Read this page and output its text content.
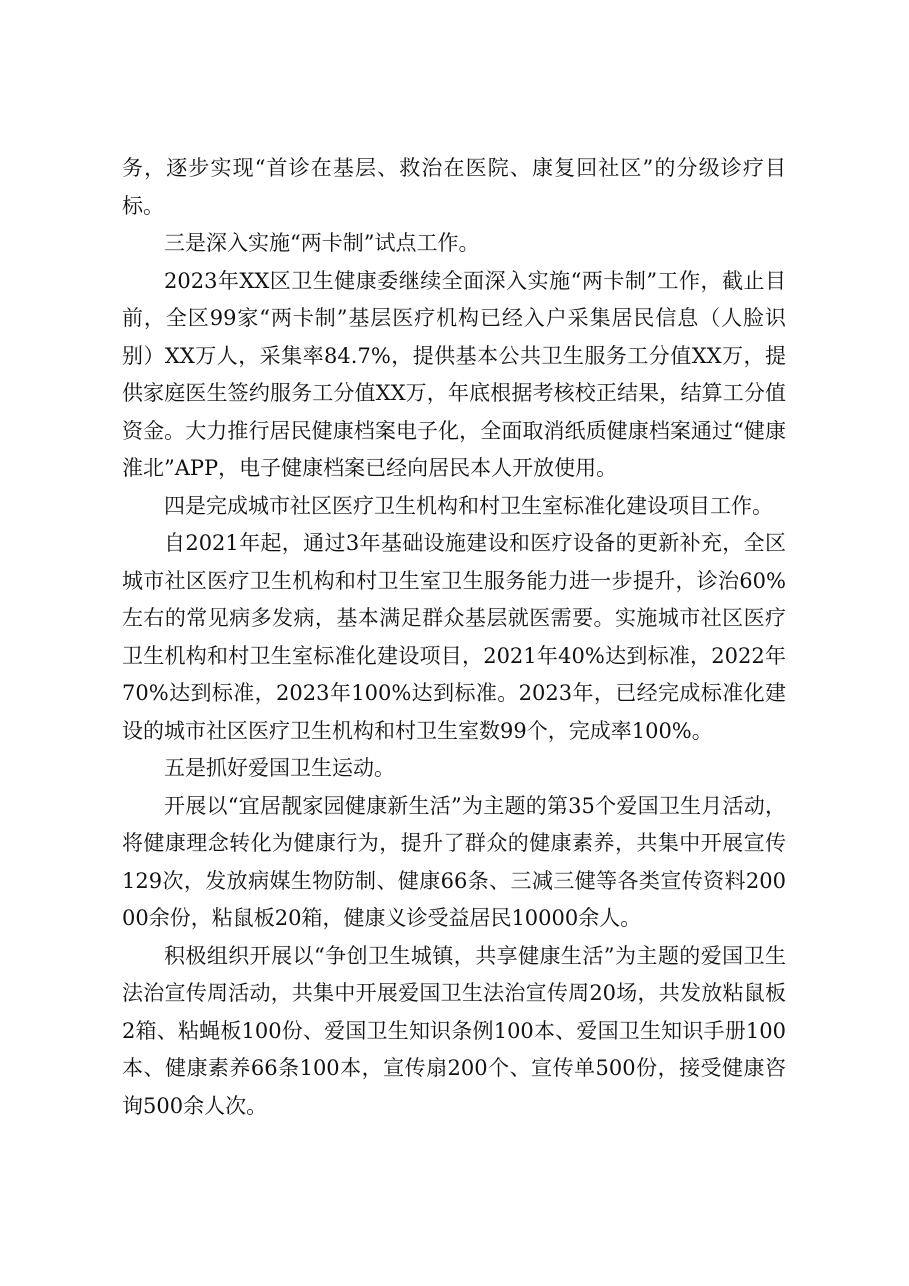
务，逐步实现“首诊在基层、救治在医院、康复回社区”的分级诊疗目标。

三是深入实施“两卡制”试点工作。

2023年XX区卫生健康委继续全面深入实施“两卡制”工作，截止目前，全区99家“两卡制”基层医疗机构已经入户采集居民信息（人脸识别）XX万人，采集率84.7%，提供基本公共卫生服务工分值XX万，提供家庭医生签约服务工分值XX万，年底根据考核校正结果，结算工分值资金。大力推行居民健康档案电子化，全面取消纸质健康档案通过“健康淮北”APP，电子健康档案已经向居民本人开放使用。

四是完成城市社区医疗卫生机构和村卫生室标准化建设项目工作。

自2021年起，通过3年基础设施建设和医疗设备的更新补充，全区城市社区医疗卫生机构和村卫生室卫生服务能力进一步提升，诊治60%左右的常见病多发病，基本满足群众基层就医需要。实施城市社区医疗卫生机构和村卫生室标准化建设项目，2021年40%达到标准，2022年70%达到标准，2023年100%达到标准。2023年，已经完成标准化建设的城市社区医疗卫生机构和村卫生室数99个，完成率100%。

五是抓好爱国卫生运动。

开展以“宜居靓家园健康新生活”为主题的第35个爱国卫生月活动，将健康理念转化为健康行为，提升了群众的健康素养，共集中开展宣传129次，发放病媒生物防制、健康66条、三减三健等各类宣传资料20000余份，粘鼠板20箱，健康义诊受益居民10000余人。

积极组织开展以“争创卫生城镇，共享健康生活”为主题的爱国卫生法治宣传周活动，共集中开展爱国卫生法治宣传周20场，共发放粘鼠板2箱、粘蝇板100份、爱国卫生知识条例100本、爱国卫生知识手册100本、健康素养66条100本，宣传扇200个、宣传单500份，接受健康咨询500余人次。
